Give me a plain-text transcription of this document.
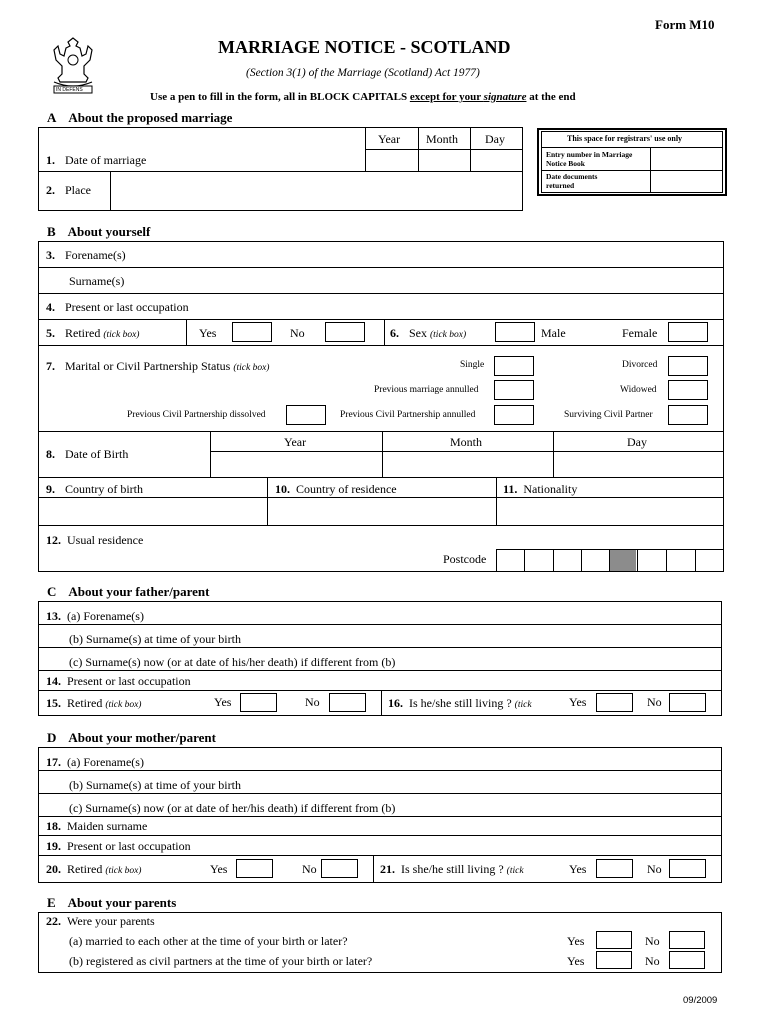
Form M10
IN DEFENS
MARRIAGE NOTICE - SCOTLAND
(Section 3(1) of the Marriage (Scotland) Act 1977)
Use a pen to fill in the form, all in BLOCK CAPITALS except for your signature at the end
A About the proposed marriage
Year Month Day
1. Date of marriage
2. Place
This space for registrars' use only
Entry number in Marriage Notice Book
Date documents returned
B About yourself
3. Forename(s)
Surname(s)
4. Present or last occupation
5. Retired (tick box)	Yes	No	6. Sex (tick box)	Male	Female
7. Marital or Civil Partnership Status (tick box)	Single	Divorced
Previous marriage annulled	Widowed
Previous Civil Partnership dissolved	Previous Civil Partnership annulled	Surviving Civil Partner
8. Date of Birth
Year	Month	Day
9. Country of birth	10. Country of residence	11. Nationality
12. Usual residence
Postcode
C About your father/parent
13. (a) Forename(s)
(b) Surname(s) at time of your birth
(c) Surname(s) now (or at date of his/her death) if different from (b)
14. Present or last occupation
15. Retired (tick box)	Yes	No	16. Is he/she still living ? (tick	Yes	No
D About your mother/parent
17. (a) Forename(s)
(b) Surname(s) at time of your birth
(c) Surname(s) now (or at date of her/his death) if different from (b)
18. Maiden surname
19. Present or last occupation
20. Retired (tick box)	Yes	No	21. Is she/he still living ? (tick	Yes	No
E About your parents
22. Were your parents
(a) married to each other at the time of your birth or later?	Yes	No
(b) registered as civil partners at the time of your birth or later?	Yes	No
09/2009
